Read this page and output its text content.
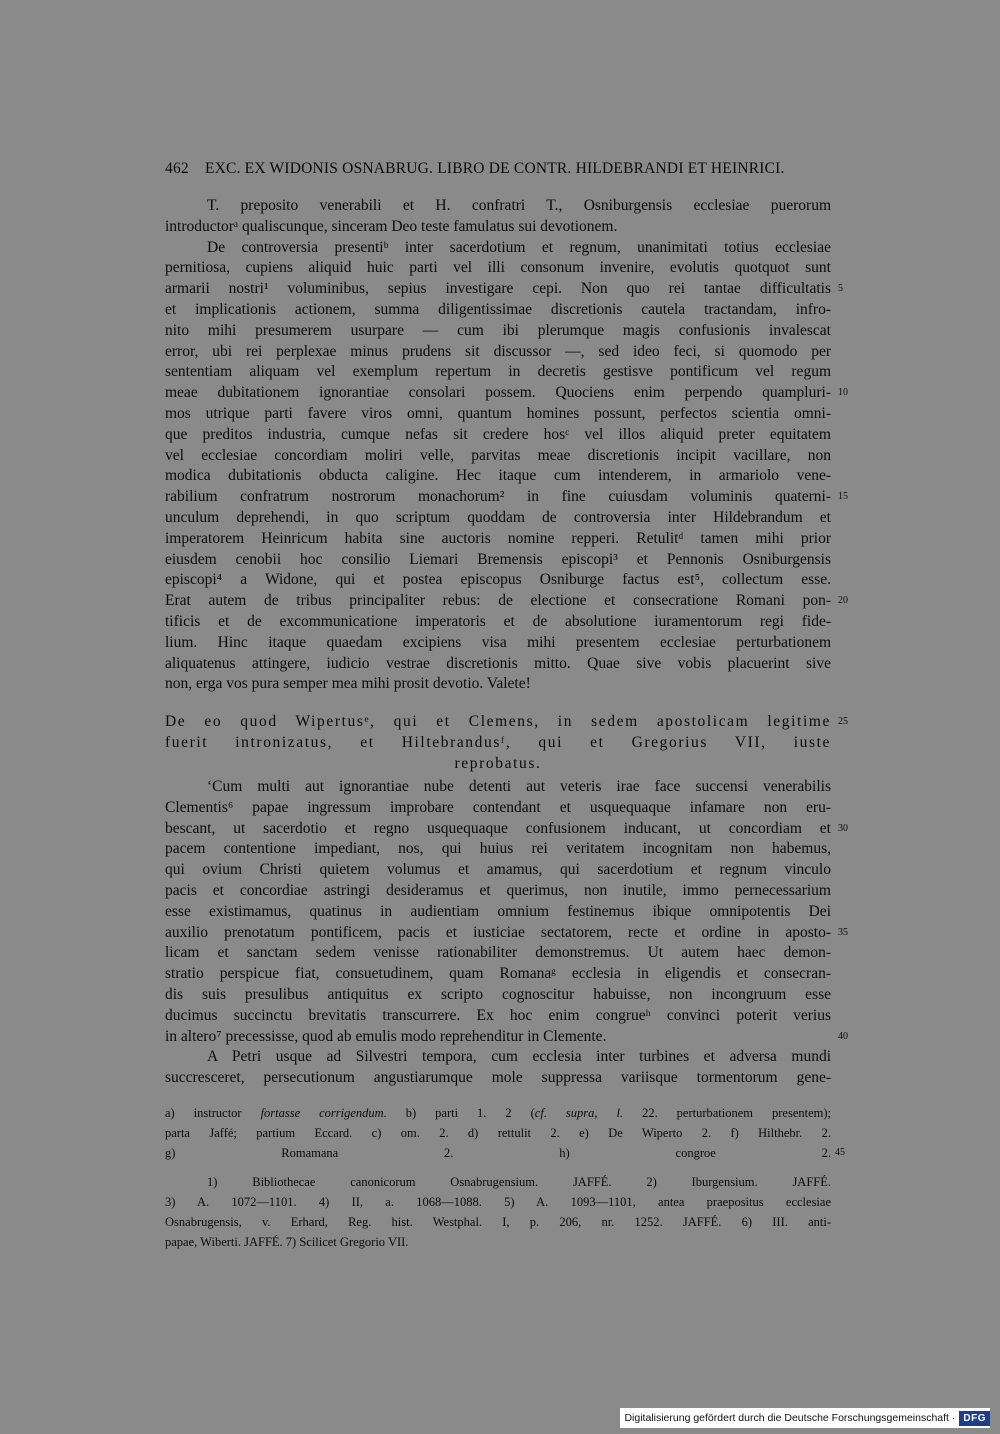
462 EXC. EX WIDONIS OSNABRUG. LIBRO DE CONTR. HILDEBRANDI ET HEINRICI.
T. preposito venerabili et H. confratri T., Osniburgensis ecclesiae puerorum
introductorᵃ qualiscunque, sinceram Deo teste famulatus sui devotionem.
De controversia presentiᵇ inter sacerdotium et regnum, unanimitati totius ecclesiae
pernitiosa, cupiens aliquid huic parti vel illi consonum invenire, evolutis quotquot sunt
armarii nostri¹ voluminibus, sepius investigare cepi. Non quo rei tantae difficultatis 5
et implicationis actionem, summa diligentissimae discretionis cautela tractandam, infro-
nito mihi presumerem usurpare — cum ibi plerumque magis confusionis invalescat
error, ubi rei perplexae minus prudens sit discussor —, sed ideo feci, si quomodo per
sententiam aliquam vel exemplum repertum in decretis gestisve pontificum vel regum
meae dubitationem ignorantiae consolari possem. Quociens enim perpendo quampluri- 10
mos utrique parti favere viros omni, quantum homines possunt, perfectos scientia omni-
que preditos industria, cumque nefas sit credere hosᶜ vel illos aliquid preter equitatem
vel ecclesiae concordiam moliri velle, parvitas meae discretionis incipit vacillare, non
modica dubitationis obducta caligine. Hec itaque cum intenderem, in armariolo vene-
rabilium confratrum nostrorum monachorum² in fine cuiusdam voluminis quaterni- 15
unculum deprehendi, in quo scriptum quoddam de controversia inter Hildebrandum et
imperatorem Heinricum habita sine auctoris nomine repperi. Retulitᵈ tamen mihi prior
eiusdem cenobii hoc consilio Liemari Bremensis episcopi³ et Pennonis Osniburgensis
episcopi⁴ a Widone, qui et postea episcopus Osniburge factus est⁵, collectum esse.
Erat autem de tribus principaliter rebus: de electione et consecratione Romani pon- 20
tificis et de excommunicatione imperatoris et de absolutione iuramentorum regi fide-
lium. Hinc itaque quaedam excipiens visa mihi presentem ecclesiae perturbationem
aliquatenus attingere, iudicio vestrae discretionis mitto. Quae sive vobis placuerint sive
non, erga vos pura semper mea mihi prosit devotio. Valete!
De eo quod Wipertusᵉ, qui et Clemens, in sedem apostolicam legitime 25
fuerit intronizatus, et Hiltebrandusᶠ, qui et Gregorius VII, iuste
reprobatus.
‘Cum multi aut ignorantiae nube detenti aut veteris irae face succensi venerabilis
Clementis⁶ papae ingressum improbare contendant et usquequaque infamare non eru-
bescant, ut sacerdotio et regno usquequaque confusionem inducant, ut concordiam et 30
pacem contentione impediant, nos, qui huius rei veritatem incognitam non habemus,
qui ovium Christi quietem volumus et amamus, qui sacerdotium et regnum vinculo
pacis et concordiae astringi desideramus et querimus, non inutile, immo pernecessarium
esse existimamus, quatinus in audientiam omnium festinemus ibique omnipotentis Dei
auxilio prenotatum pontificem, pacis et iusticiae sectatorem, recte et ordine in aposto- 35
licam et sanctam sedem venisse rationabiliter demonstremus. Ut autem haec demon-
stratio perspicue fiat, consuetudinem, quam Romanaᵍ ecclesia in eligendis et consecran-
dis suis presulibus antiquitus ex scripto cognoscitur habuisse, non incongruum esse
ducimus succinctu brevitatis transcurrere. Ex hoc enim congrueʰ convinci poterit verius
in altero⁷ precessisse, quod ab emulis modo reprehenditur in Clemente.	40
A Petri usque ad Silvestri tempora, cum ecclesia inter turbines et adversa mundi
succresceret, persecutionum angustiarumque mole suppressa variisque tormentorum gene-
a) instructor fortasse corrigendum. b) parti 1. 2 (cf. supra, l. 22. perturbationem presentem);
parta Jaffé; partium Eccard. c) om. 2. d) rettulit 2. e) De Wiperto 2. f) Hilthebr. 2.
g) Romamana 2. h) congroe 2. 45
1) Bibliothecae canonicorum Osnabrugensium. JAFFÉ. 2) Iburgensium. JAFFÉ.
3) A. 1072—1101. 4) II, a. 1068—1088. 5) A. 1093—1101, antea praepositus ecclesiae
Osnabrugensis, v. Erhard, Reg. hist. Westphal. I, p. 206, nr. 1252. JAFFÉ. 6) III. anti-
papae, Wiberti. JAFFÉ. 7) Scilicet Gregorio VII.
Digitalisierung gefördert durch die Deutsche Forschungsgemeinschaft · DFG
